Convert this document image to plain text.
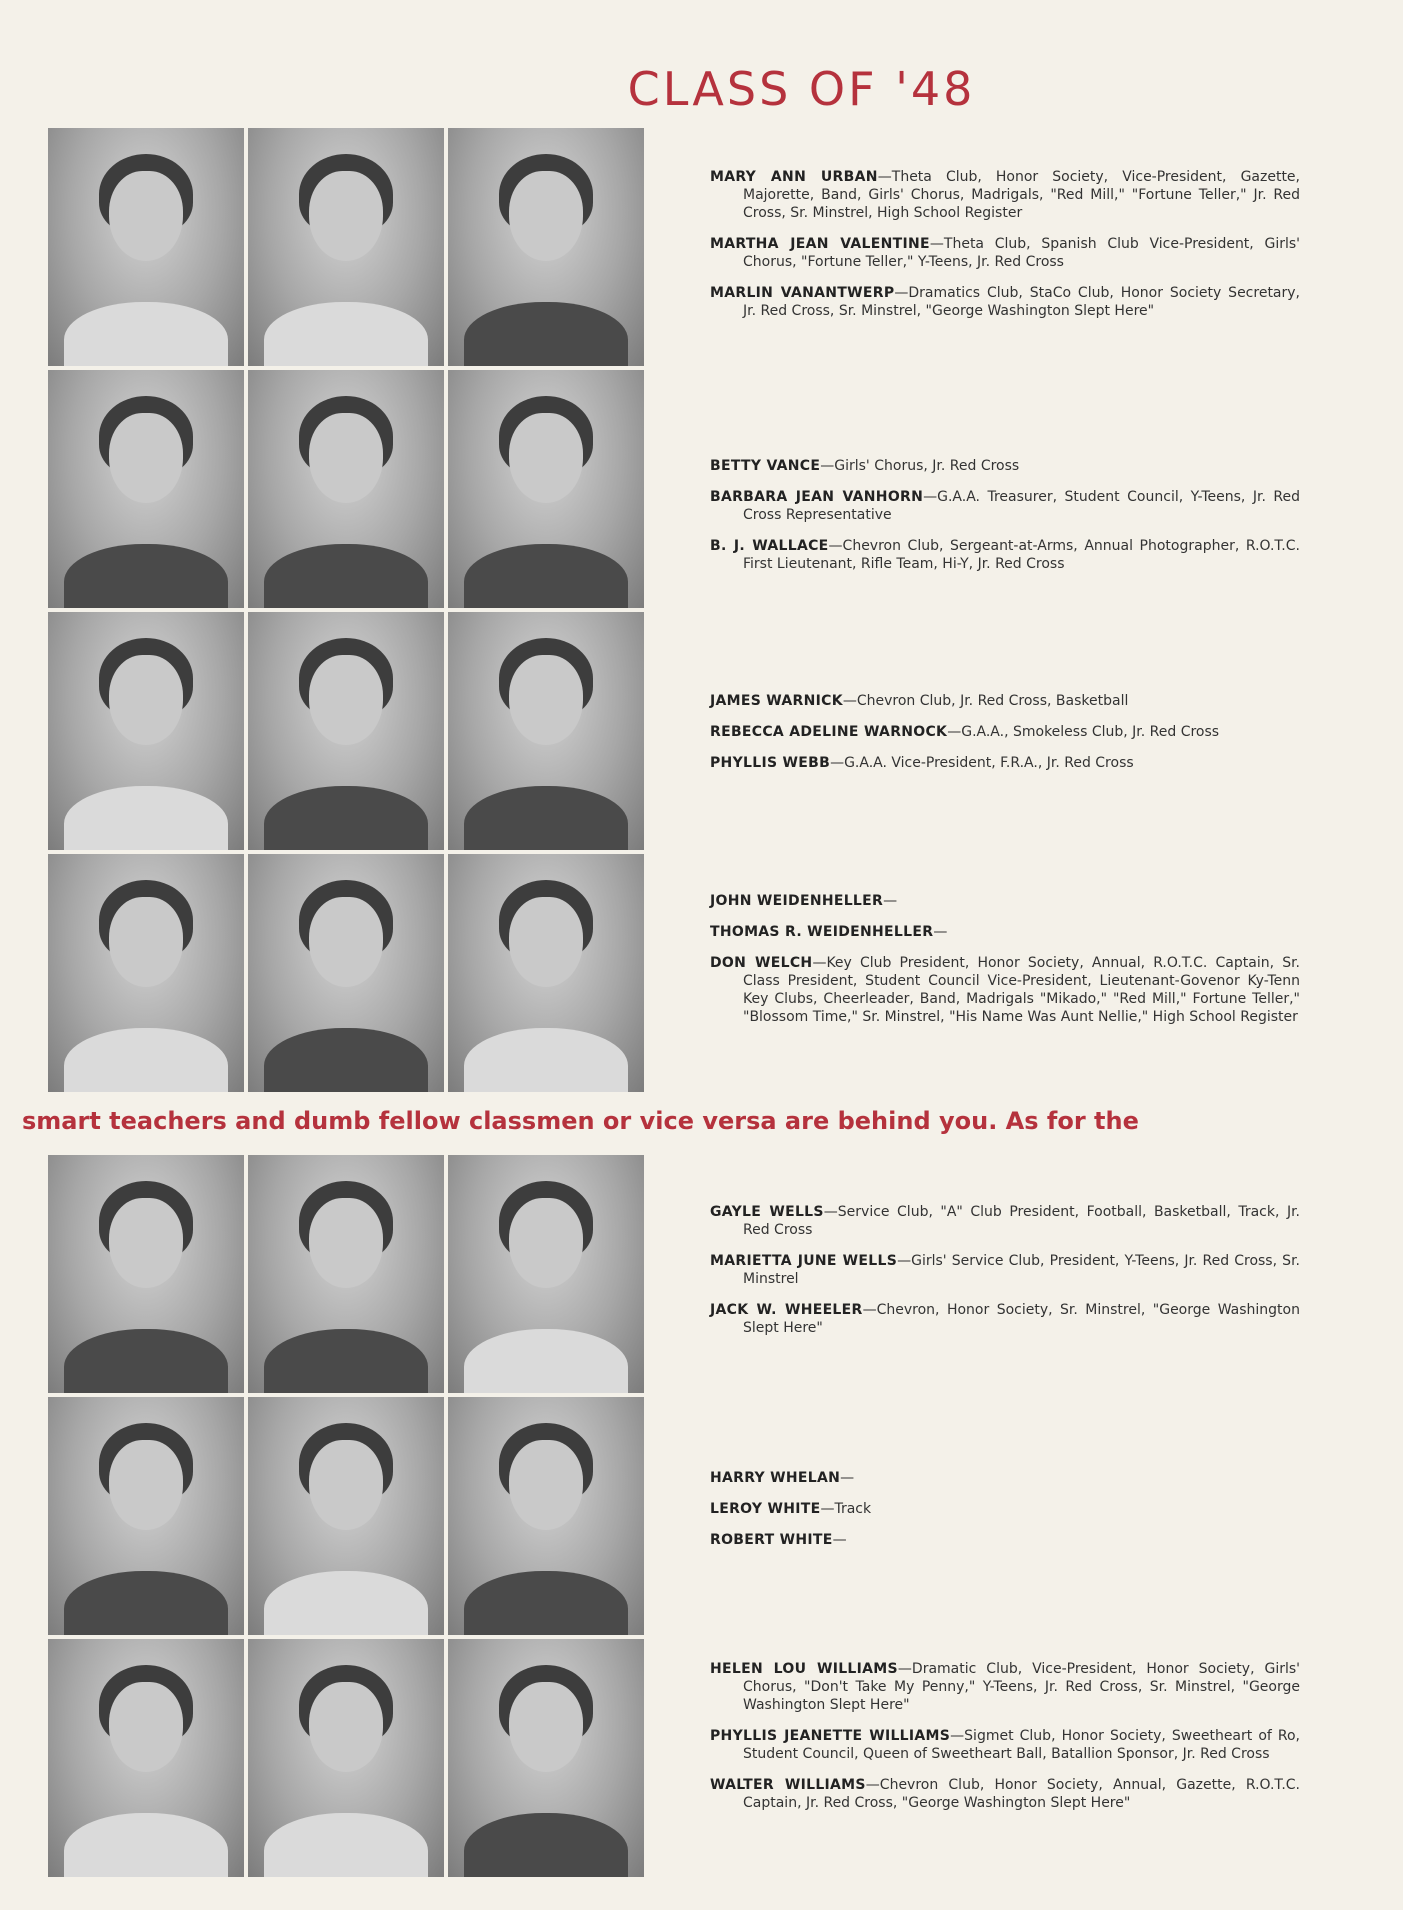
CLASS OF '48

MARY ANN URBAN—Theta Club, Honor Society, Vice-President, Gazette, Majorette, Band, Girls' Chorus, Madrigals, "Red Mill," "Fortune Teller," Jr. Red Cross, Sr. Minstrel, High School Register

MARTHA JEAN VALENTINE—Theta Club, Spanish Club Vice-President, Girls' Chorus, "Fortune Teller," Y-Teens, Jr. Red Cross

MARLIN VANANTWERP—Dramatics Club, StaCo Club, Honor Society Secretary, Jr. Red Cross, Sr. Minstrel, "George Washington Slept Here"

BETTY VANCE—Girls' Chorus, Jr. Red Cross

BARBARA JEAN VANHORN—G.A.A. Treasurer, Student Council, Y-Teens, Jr. Red Cross Representative

B. J. WALLACE—Chevron Club, Sergeant-at-Arms, Annual Photographer, R.O.T.C. First Lieutenant, Rifle Team, Hi-Y, Jr. Red Cross

JAMES WARNICK—Chevron Club, Jr. Red Cross, Basketball

REBECCA ADELINE WARNOCK—G.A.A., Smokeless Club, Jr. Red Cross

PHYLLIS WEBB—G.A.A. Vice-President, F.R.A., Jr. Red Cross

JOHN WEIDENHELLER—

THOMAS R. WEIDENHELLER—

DON WELCH—Key Club President, Honor Society, Annual, R.O.T.C. Captain, Sr. Class President, Student Council Vice-President, Lieutenant-Govenor Ky-Tenn Key Clubs, Cheerleader, Band, Madrigals "Mikado," "Red Mill," Fortune Teller," "Blossom Time," Sr. Minstrel, "His Name Was Aunt Nellie," High School Register

smart teachers and dumb fellow classmen or vice versa are behind you. As for the

GAYLE WELLS—Service Club, "A" Club President, Football, Basketball, Track, Jr. Red Cross

MARIETTA JUNE WELLS—Girls' Service Club, President, Y-Teens, Jr. Red Cross, Sr. Minstrel

JACK W. WHEELER—Chevron, Honor Society, Sr. Minstrel, "George Washington Slept Here"

HARRY WHELAN—

LEROY WHITE—Track

ROBERT WHITE—

HELEN LOU WILLIAMS—Dramatic Club, Vice-President, Honor Society, Girls' Chorus, "Don't Take My Penny," Y-Teens, Jr. Red Cross, Sr. Minstrel, "George Washington Slept Here"

PHYLLIS JEANETTE WILLIAMS—Sigmet Club, Honor Society, Sweetheart of Ro, Student Council, Queen of Sweetheart Ball, Batallion Sponsor, Jr. Red Cross

WALTER WILLIAMS—Chevron Club, Honor Society, Annual, Gazette, R.O.T.C. Captain, Jr. Red Cross, "George Washington Slept Here"
